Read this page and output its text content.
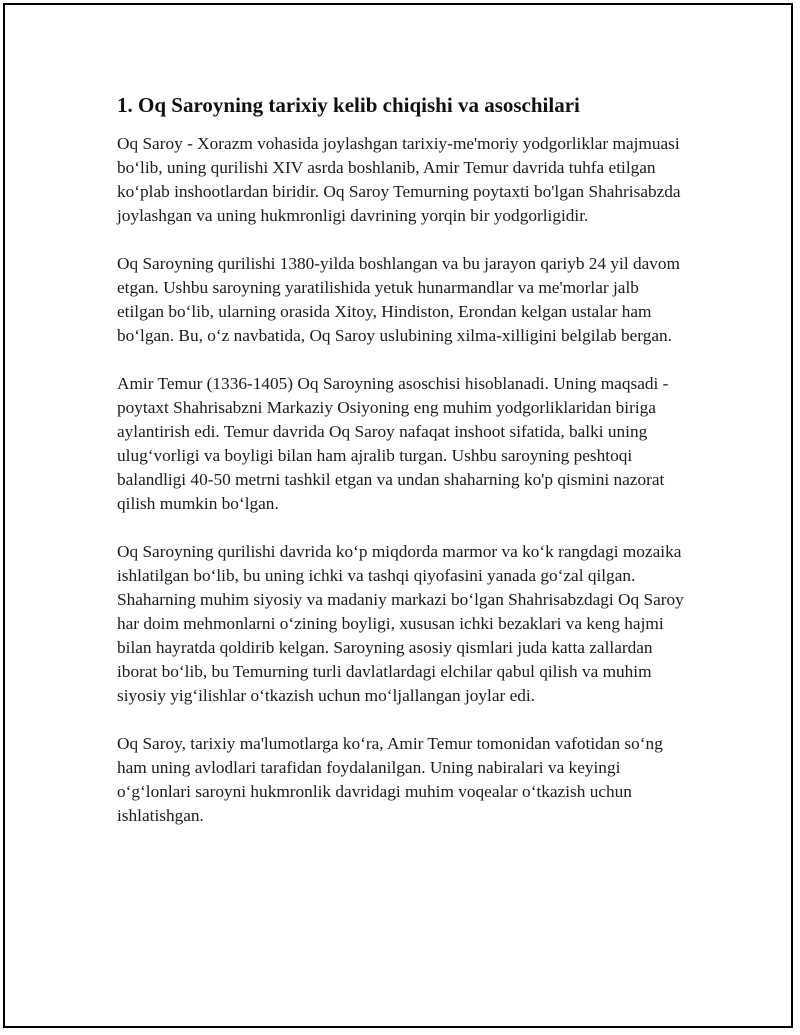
1. Oq Saroyning tarixiy kelib chiqishi va asoschilari

Oq Saroy - Xorazm vohasida joylashgan tarixiy-me'moriy yodgorliklar majmuasi bo‘lib, uning qurilishi XIV asrda boshlanib, Amir Temur davrida tuhfa etilgan ko‘plab inshootlardan biridir. Oq Saroy Temurning poytaxti bo'lgan Shahrisabzda joylashgan va uning hukmronligi davrining yorqin bir yodgorligidir.

Oq Saroyning qurilishi 1380-yilda boshlangan va bu jarayon qariyb 24 yil davom etgan. Ushbu saroyning yaratilishida yetuk hunarmandlar va me'morlar jalb etilgan bo‘lib, ularning orasida Xitoy, Hindiston, Erondan kelgan ustalar ham bo‘lgan. Bu, o‘z navbatida, Oq Saroy uslubining xilma-xilligini belgilab bergan.

Amir Temur (1336-1405) Oq Saroyning asoschisi hisoblanadi. Uning maqsadi - poytaxt Shahrisabzni Markaziy Osiyoning eng muhim yodgorliklaridan biriga aylantirish edi. Temur davrida Oq Saroy nafaqat inshoot sifatida, balki uning ulug‘vorligi va boyligi bilan ham ajralib turgan. Ushbu saroyning peshtoqi balandligi 40-50 metrni tashkil etgan va undan shaharning ko'p qismini nazorat qilish mumkin bo‘lgan.

Oq Saroyning qurilishi davrida ko‘p miqdorda marmor va ko‘k rangdagi mozaika ishlatilgan bo‘lib, bu uning ichki va tashqi qiyofasini yanada go‘zal qilgan. Shaharning muhim siyosiy va madaniy markazi bo‘lgan Shahrisabzdagi Oq Saroy har doim mehmonlarni o‘zining boyligi, xususan ichki bezaklari va keng hajmi bilan hayratda qoldirib kelgan. Saroyning asosiy qismlari juda katta zallardan iborat bo‘lib, bu Temurning turli davlatlardagi elchilar qabul qilish va muhim siyosiy yig‘ilishlar o‘tkazish uchun mo‘ljallangan joylar edi.

Oq Saroy, tarixiy ma'lumotlarga ko‘ra, Amir Temur tomonidan vafotidan so‘ng ham uning avlodlari tarafidan foydalanilgan. Uning nabiralari va keyingi o‘g‘lonlari saroyni hukmronlik davridagi muhim voqealar o‘tkazish uchun ishlatishgan.
